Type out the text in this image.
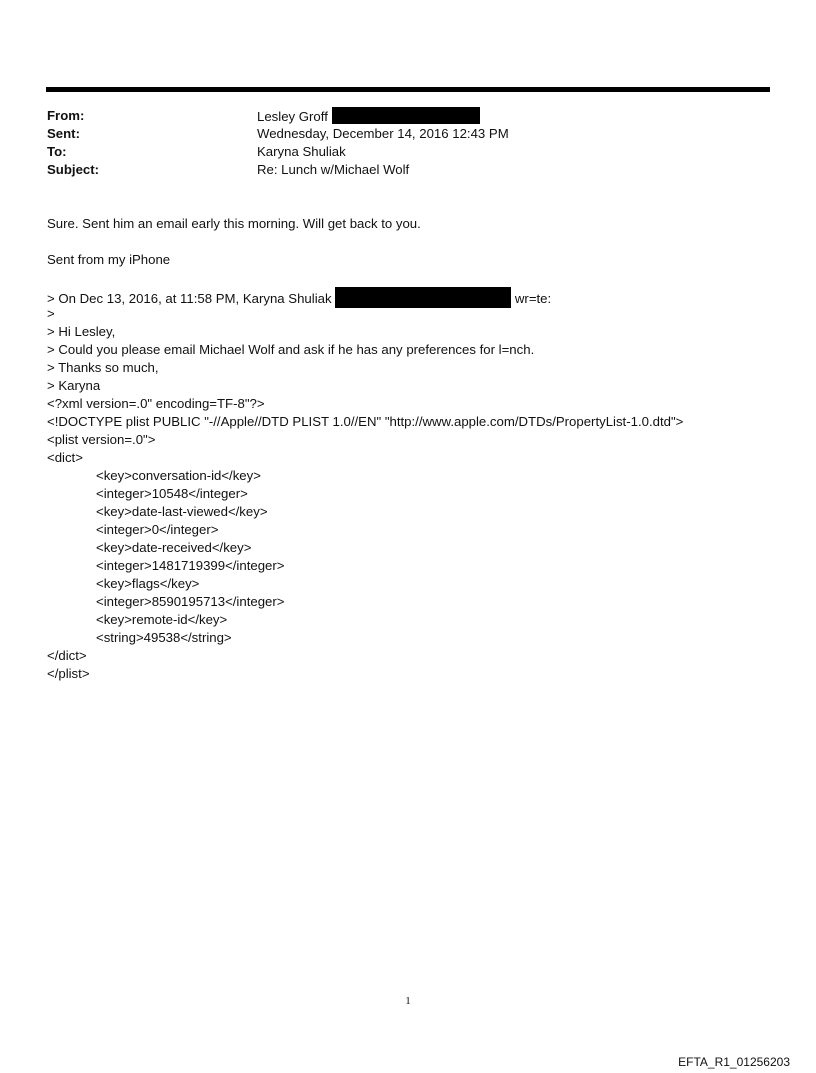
From:	Lesley Groff
Sent:	Wednesday, December 14, 2016 12:43 PM
To:	Karyna Shuliak
Subject:	Re: Lunch w/Michael Wolf
Sure. Sent him an email early this morning. Will get back to you.
Sent from my iPhone
> On Dec 13, 2016, at 11:58 PM, Karyna Shuliak	wr=te:
>
> Hi Lesley,
> Could you please email Michael Wolf and ask if he has any preferences for l=nch.
> Thanks so much,
> Karyna
<?xml version=.0" encoding=TF-8"?>
<!DOCTYPE plist PUBLIC "-//Apple//DTD PLIST 1.0//EN" "http://www.apple.com/DTDs/PropertyList-1.0.dtd">
<plist version=.0">
<dict>
<key>conversation-id</key>
<integer>10548</integer>
<key>date-last-viewed</key>
<integer>0</integer>
<key>date-received</key>
<integer>1481719399</integer>
<key>flags</key>
<integer>8590195713</integer>
<key>remote-id</key>
<string>49538</string>
</dict>
</plist>
1
EFTA_R1_01256203
